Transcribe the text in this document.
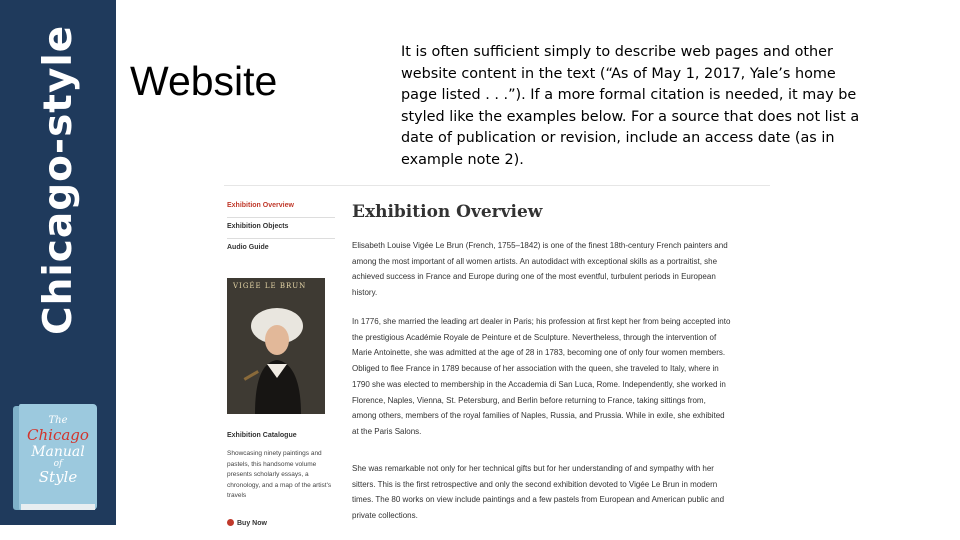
Chicago-style
The
Chicago
Manual
of
Style
Website
It is often sufficient simply to describe web pages and other website content in the text (“As of May 1, 2017, Yale’s home page listed . . .”). If a more formal citation is needed, it may be styled like the examples below. For a source that does not list a date of publication or revision, include an access date (as in example note 2).
Exhibition Overview
Exhibition Objects
Audio Guide
VIGÉE LE BRUN
Exhibition Catalogue
Showcasing ninety paintings and pastels, this handsome volume presents scholarly essays, a chronology, and a map of the artist's travels
Buy Now
Exhibition Overview
Elisabeth Louise Vigée Le Brun (French, 1755–1842) is one of the finest 18th-century French painters and among the most important of all women artists. An autodidact with exceptional skills as a portraitist, she achieved success in France and Europe during one of the most eventful, turbulent periods in European history.
In 1776, she married the leading art dealer in Paris; his profession at first kept her from being accepted into the prestigious Académie Royale de Peinture et de Sculpture. Nevertheless, through the intervention of Marie Antoinette, she was admitted at the age of 28 in 1783, becoming one of only four women members. Obliged to flee France in 1789 because of her association with the queen, she traveled to Italy, where in 1790 she was elected to membership in the Accademia di San Luca, Rome. Independently, she worked in Florence, Naples, Vienna, St. Petersburg, and Berlin before returning to France, taking sittings from, among others, members of the royal families of Naples, Russia, and Prussia. While in exile, she exhibited at the Paris Salons.
She was remarkable not only for her technical gifts but for her understanding of and sympathy with her sitters. This is the first retrospective and only the second exhibition devoted to Vigée Le Brun in modern times. The 80 works on view include paintings and a few pastels from European and American public and private collections.
